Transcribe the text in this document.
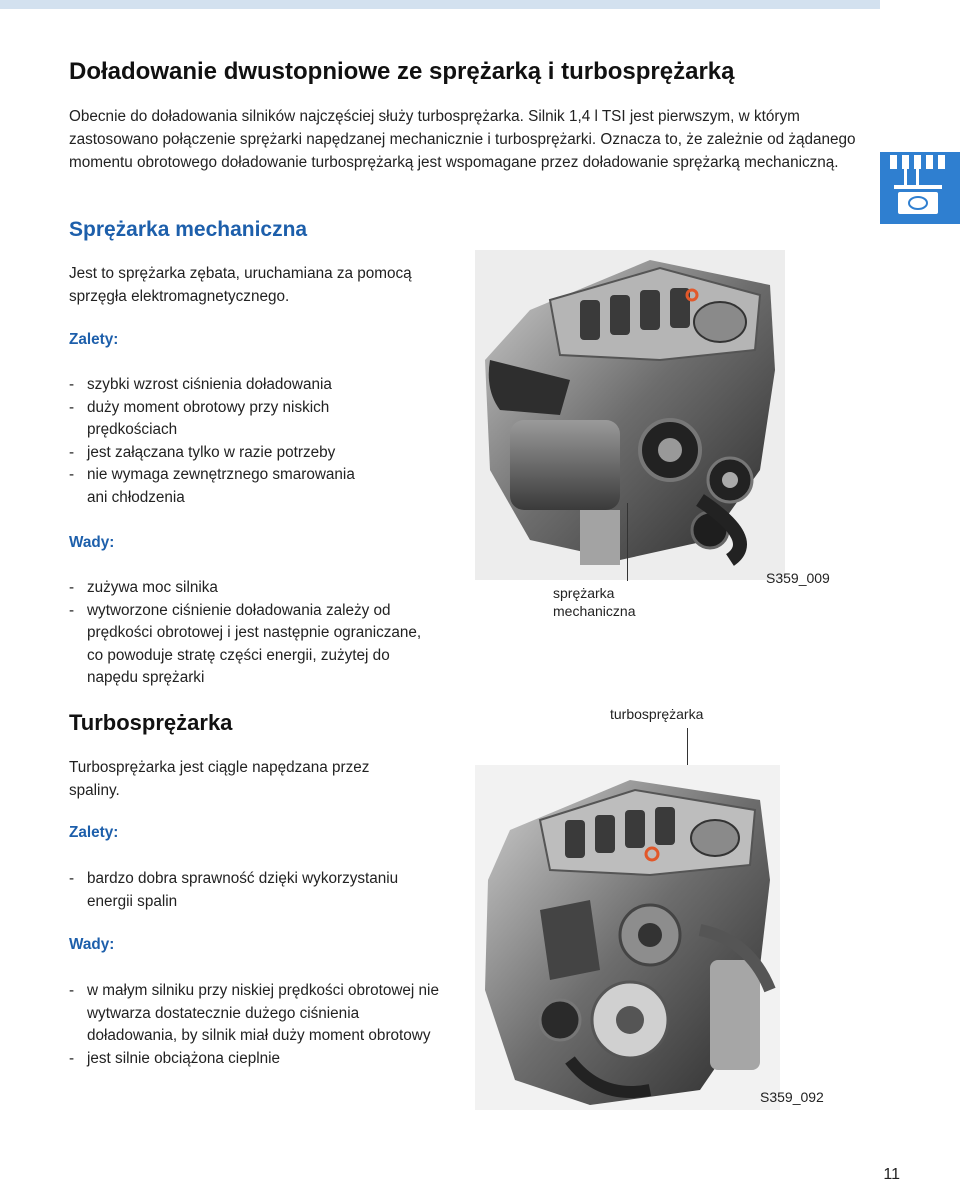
Doładowanie dwustopniowe ze sprężarką i turbosprężarką

Obecnie do doładowania silników najczęściej służy turbosprężarka. Silnik 1,4 l TSI jest pierwszym, w którym zastosowano połączenie sprężarki napędzanej mechanicznie i turbosprężarki. Oznacza to, że zależnie od żądanego momentu obrotowego doładowanie turbosprężarką jest wspomagane przez doładowanie sprężarką mechaniczną.

Sprężarka mechaniczna

Jest to sprężarka zębata, uruchamiana za pomocą sprzęgła elektromagnetycznego.

Zalety:

- szybki wzrost ciśnienia doładowania
- duży moment obrotowy przy niskich prędkościach
- jest załączana tylko w razie potrzeby
- nie wymaga zewnętrznego smarowania ani chłodzenia

Wady:

- zużywa moc silnika
- wytworzone ciśnienie doładowania zależy od prędkości obrotowej i jest następnie ograniczane, co powoduje stratę części energii, zużytej do napędu sprężarki
Turbosprężarka

Turbosprężarka jest ciągle napędzana przez spaliny.

Zalety:

- bardzo dobra sprawność dzięki wykorzystaniu energii spalin

Wady:

- w małym silniku przy niskiej prędkości obrotowej nie wytwarza dostatecznie dużego ciśnienia doładowania, by silnik miał duży moment obrotowy
- jest silnie obciążona cieplnie

sprężarka mechaniczna

S359_009

turbosprężarka

S359_092

11
